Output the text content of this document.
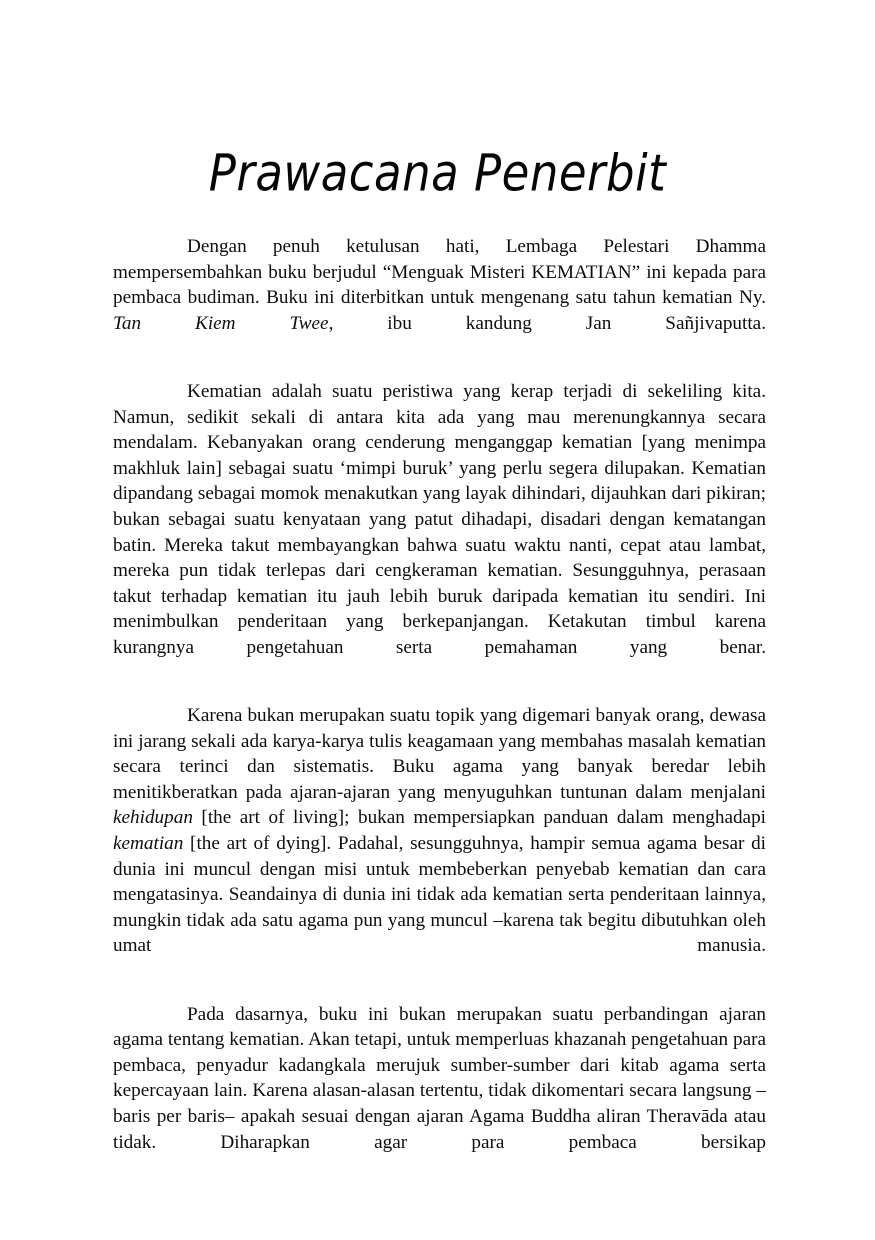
Prawacana Penerbit

Dengan penuh ketulusan hati, Lembaga Pelestari Dhamma mempersembahkan buku berjudul “Menguak Misteri KEMATIAN” ini kepada para pembaca budiman. Buku ini diterbitkan untuk mengenang satu tahun kematian Ny. Tan Kiem Twee, ibu kandung Jan Sañjivaputta.

Kematian adalah suatu peristiwa yang kerap terjadi di sekeliling kita. Namun, sedikit sekali di antara kita ada yang mau merenungkannya secara mendalam. Kebanyakan orang cenderung menganggap kematian [yang menimpa makhluk lain] sebagai suatu ‘mimpi buruk’ yang perlu segera dilupakan. Kematian dipandang sebagai momok menakutkan yang layak dihindari, dijauhkan dari pikiran; bukan sebagai suatu kenyataan yang patut dihadapi, disadari dengan kematangan batin. Mereka takut membayangkan bahwa suatu waktu nanti, cepat atau lambat, mereka pun tidak terlepas dari cengkeraman kematian. Sesungguhnya, perasaan takut terhadap kematian itu jauh lebih buruk daripada kematian itu sendiri. Ini menimbulkan penderitaan yang berkepanjangan. Ketakutan timbul karena kurangnya pengetahuan serta pemahaman yang benar.

Karena bukan merupakan suatu topik yang digemari banyak orang, dewasa ini jarang sekali ada karya-karya tulis keagamaan yang membahas masalah kematian secara terinci dan sistematis. Buku agama yang banyak beredar lebih menitikberatkan pada ajaran-ajaran yang menyuguhkan tuntunan dalam menjalani kehidupan [the art of living]; bukan mempersiapkan panduan dalam menghadapi kematian [the art of dying]. Padahal, sesungguhnya, hampir semua agama besar di dunia ini muncul dengan misi untuk membeberkan penyebab kematian dan cara mengatasinya. Seandainya di dunia ini tidak ada kematian serta penderitaan lainnya, mungkin tidak ada satu agama pun yang muncul –karena tak begitu dibutuhkan oleh umat manusia.

Pada dasarnya, buku ini bukan merupakan suatu perbandingan ajaran agama tentang kematian. Akan tetapi, untuk memperluas khazanah pengetahuan para pembaca, penyadur kadangkala merujuk sumber-sumber dari kitab agama serta kepercayaan lain. Karena alasan-alasan tertentu, tidak dikomentari secara langsung –baris per baris– apakah sesuai dengan ajaran Agama Buddha aliran Theravāda atau tidak. Diharapkan agar para pembaca bersikap
